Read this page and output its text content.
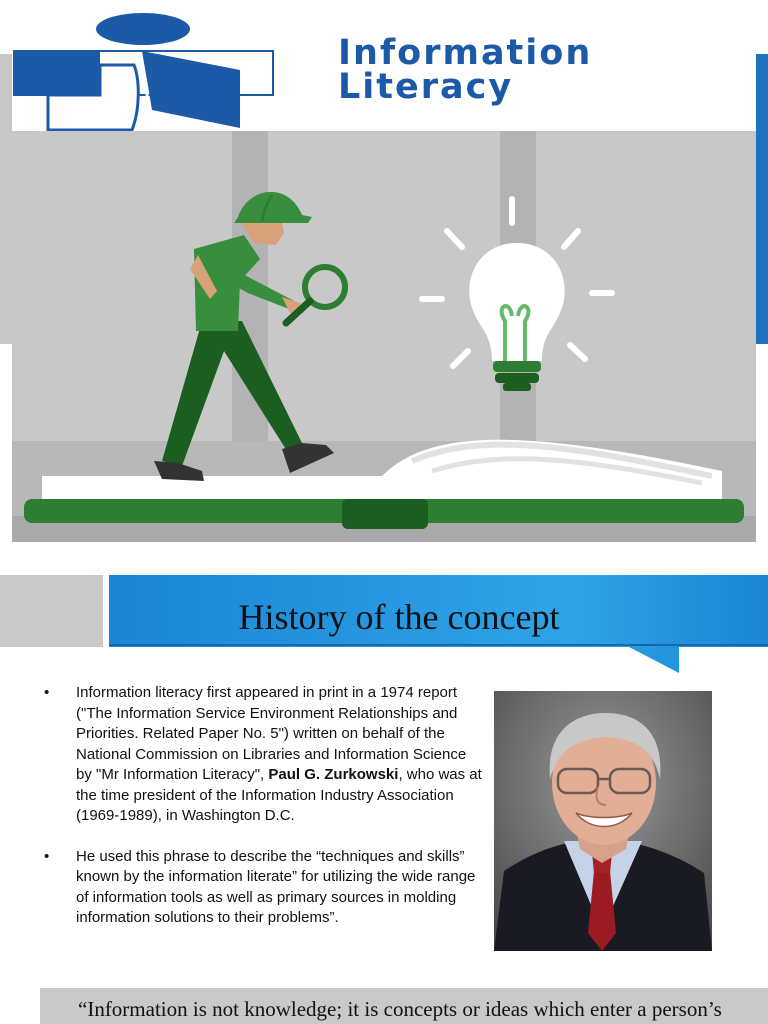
Information
Literacy
History of the concept
• Information literacy first appeared in print in a 1974 report ("The Information Service Environment Relationships and Priorities. Related Paper No. 5") written on behalf of the National Commission on Libraries and Information Science by "Mr Information Literacy", Paul G. Zurkowski, who was at the time president of the Information Industry Association (1969-1989), in Washington D.C.
• He used this phrase to describe the “techniques and skills” known by the information literate” for utilizing the wide range of information tools as well as primary sources in molding information solutions to their problems”.
“Information is not knowledge; it is concepts or ideas which enter a person’s
